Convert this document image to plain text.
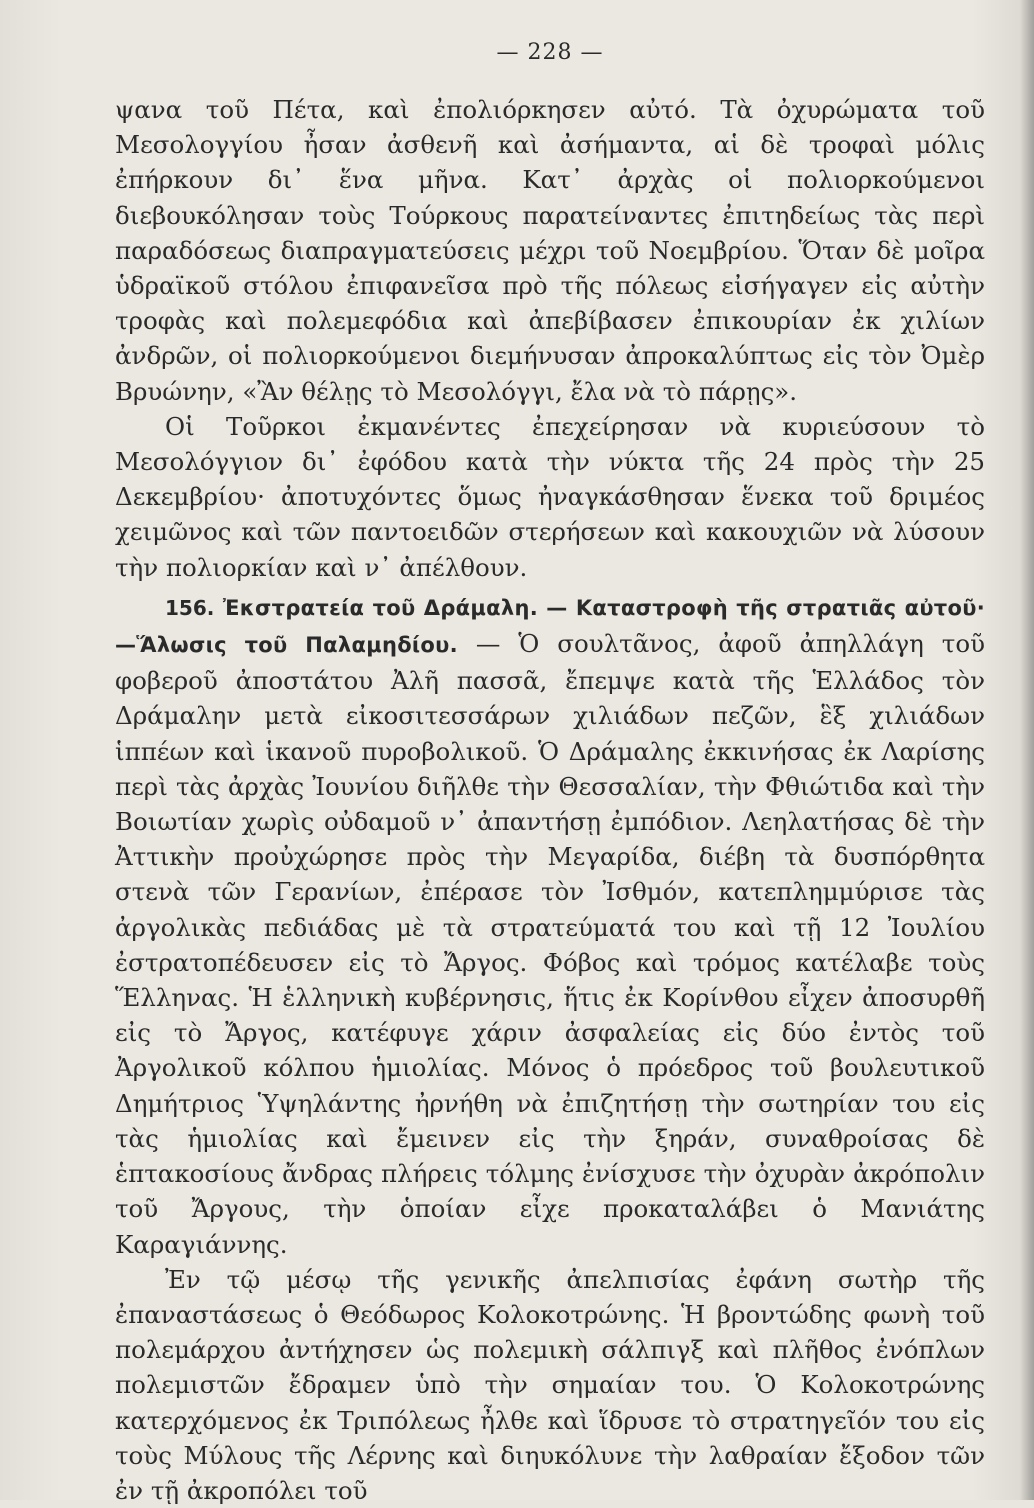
— 228 —

ψανα τοῦ Πέτα, καὶ ἐπολιόρκησεν αὐτό. Τὰ ὀχυρώματα τοῦ Μεσολογγίου ἦσαν ἀσθενῆ καὶ ἀσήμαντα, αἱ δὲ τροφαὶ μόλις ἐπήρκουν δι᾽ ἕνα μῆνα. Κατ᾽ ἀρχὰς οἱ πολιορκούμενοι διεβουκόλησαν τοὺς Τούρκους παρατείναντες ἐπιτηδείως τὰς περὶ παραδόσεως διαπραγματεύσεις μέχρι τοῦ Νοεμβρίου. Ὅταν δὲ μοῖρα ὑδραϊκοῦ στόλου ἐπιφανεῖσα πρὸ τῆς πόλεως εἰσήγαγεν εἰς αὐτὴν τροφὰς καὶ πολεμεφόδια καὶ ἀπεβίβασεν ἐπικουρίαν ἐκ χιλίων ἀνδρῶν, οἱ πολιορκούμενοι διεμήνυσαν ἀπροκαλύπτως εἰς τὸν Ὀμὲρ Βρυώνην, «Ἂν θέλῃς τὸ Μεσολόγγι, ἔλα νὰ τὸ πάρῃς».

Οἱ Τοῦρκοι ἐκμανέντες ἐπεχείρησαν νὰ κυριεύσουν τὸ Μεσολόγγιον δι᾽ ἐφόδου κατὰ τὴν νύκτα τῆς 24 πρὸς τὴν 25 Δεκεμβρίου· ἀποτυχόντες ὅμως ἠναγκάσθησαν ἕνεκα τοῦ δριμέος χειμῶνος καὶ τῶν παντοειδῶν στερήσεων καὶ κακουχιῶν νὰ λύσουν τὴν πολιορκίαν καὶ ν᾽ ἀπέλθουν.

156. Ἐκστρατεία τοῦ Δράμαλη. — Καταστροφὴ τῆς στρατιᾶς αὐτοῦ· —Ἅλωσις τοῦ Παλαμηδίου. — Ὁ σουλτᾶνος, ἀφοῦ ἀπηλλάγη τοῦ φοβεροῦ ἀποστάτου Ἀλῆ πασσᾶ, ἔπεμψε κατὰ τῆς Ἑλλάδος τὸν Δράμαλην μετὰ εἰκοσιτεσσάρων χιλιάδων πεζῶν, ἓξ χιλιάδων ἱππέων καὶ ἱκανοῦ πυροβολικοῦ. Ὁ Δράμαλης ἐκκινήσας ἐκ Λαρίσης περὶ τὰς ἀρχὰς Ἰουνίου διῆλθε τὴν Θεσσαλίαν, τὴν Φθιώτιδα καὶ τὴν Βοιωτίαν χωρὶς οὐδαμοῦ ν᾽ ἀπαντήσῃ ἐμπόδιον. Λεηλατήσας δὲ τὴν Ἀττικὴν προὐχώρησε πρὸς τὴν Μεγαρίδα, διέβη τὰ δυσπόρθητα στενὰ τῶν Γερανίων, ἐπέρασε τὸν Ἰσθμόν, κατεπλημμύρισε τὰς ἀργολικὰς πεδιάδας μὲ τὰ στρατεύματά του καὶ τῇ 12 Ἰουλίου ἐστρατοπέδευσεν εἰς τὸ Ἄργος. Φόβος καὶ τρόμος κατέλαβε τοὺς Ἕλληνας. Ἡ ἑλληνικὴ κυβέρνησις, ἥτις ἐκ Κορίνθου εἶχεν ἀποσυρθῆ εἰς τὸ Ἄργος, κατέφυγε χάριν ἀσφαλείας εἰς δύο ἐντὸς τοῦ Ἀργολικοῦ κόλπου ἡμιολίας. Μόνος ὁ πρόεδρος τοῦ βουλευτικοῦ Δημήτριος Ὑψηλάντης ἠρνήθη νὰ ἐπιζητήσῃ τὴν σωτηρίαν του εἰς τὰς ἡμιολίας καὶ ἔμεινεν εἰς τὴν ξηράν, συναθροίσας δὲ ἑπτακοσίους ἄνδρας πλήρεις τόλμης ἐνίσχυσε τὴν ὀχυρὰν ἀκρόπολιν τοῦ Ἄργους, τὴν ὁποίαν εἶχε προκαταλάβει ὁ Μανιάτης Καραγιάννης.

Ἐν τῷ μέσῳ τῆς γενικῆς ἀπελπισίας ἐφάνη σωτὴρ τῆς ἐπαναστάσεως ὁ Θεόδωρος Κολοκοτρώνης. Ἡ βροντώδης φωνὴ τοῦ πολεμάρχου ἀντήχησεν ὡς πολεμικὴ σάλπιγξ καὶ πλῆθος ἐνόπλων πολεμιστῶν ἔδραμεν ὑπὸ τὴν σημαίαν του. Ὁ Κολοκοτρώνης κατερχόμενος ἐκ Τριπόλεως ἦλθε καὶ ἵδρυσε τὸ στρατηγεῖόν του εἰς τοὺς Μύλους τῆς Λέρνης καὶ διηυκόλυνε τὴν λαθραίαν ἔξοδον τῶν ἐν τῇ ἀκροπόλει τοῦ
